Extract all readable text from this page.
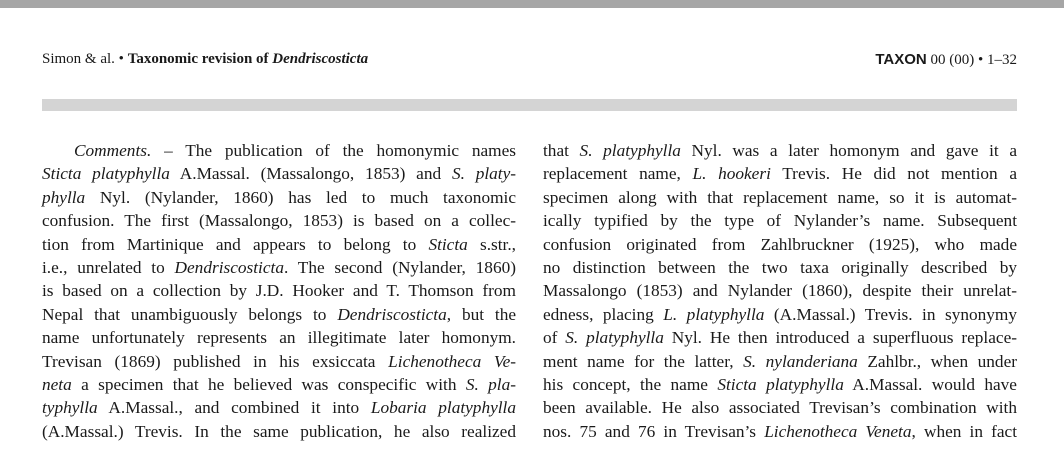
Simon & al. • Taxonomic revision of Dendriscosticta	TAXON 00 (00) • 1–32
Comments. – The publication of the homonymic names
Sticta platyphylla A.Massal. (Massalongo, 1853) and S. platy-
phylla Nyl. (Nylander, 1860) has led to much taxonomic
confusion. The first (Massalongo, 1853) is based on a collec-
tion from Martinique and appears to belong to Sticta s.str.,
i.e., unrelated to Dendriscosticta. The second (Nylander, 1860)
is based on a collection by J.D. Hooker and T. Thomson from
Nepal that unambiguously belongs to Dendriscosticta, but the
name unfortunately represents an illegitimate later homonym.
Trevisan (1869) published in his exsiccata Lichenotheca Ve-
neta a specimen that he believed was conspecific with S. pla-
typhylla A.Massal., and combined it into Lobaria platyphylla
(A.Massal.) Trevis. In the same publication, he also realized
that S. platyphylla Nyl. was a later homonym and gave it a
replacement name, L. hookeri Trevis. He did not mention a
specimen along with that replacement name, so it is automat-
ically typified by the type of Nylander’s name. Subsequent
confusion originated from Zahlbruckner (1925), who made
no distinction between the two taxa originally described by
Massalongo (1853) and Nylander (1860), despite their unrelat-
edness, placing L. platyphylla (A.Massal.) Trevis. in synonymy
of S. platyphylla Nyl. He then introduced a superfluous replace-
ment name for the latter, S. nylanderiana Zahlbr., when under
his concept, the name Sticta platyphylla A.Massal. would have
been available. He also associated Trevisan’s combination with
nos. 75 and 76 in Trevisan’s Lichenotheca Veneta, when in fact
